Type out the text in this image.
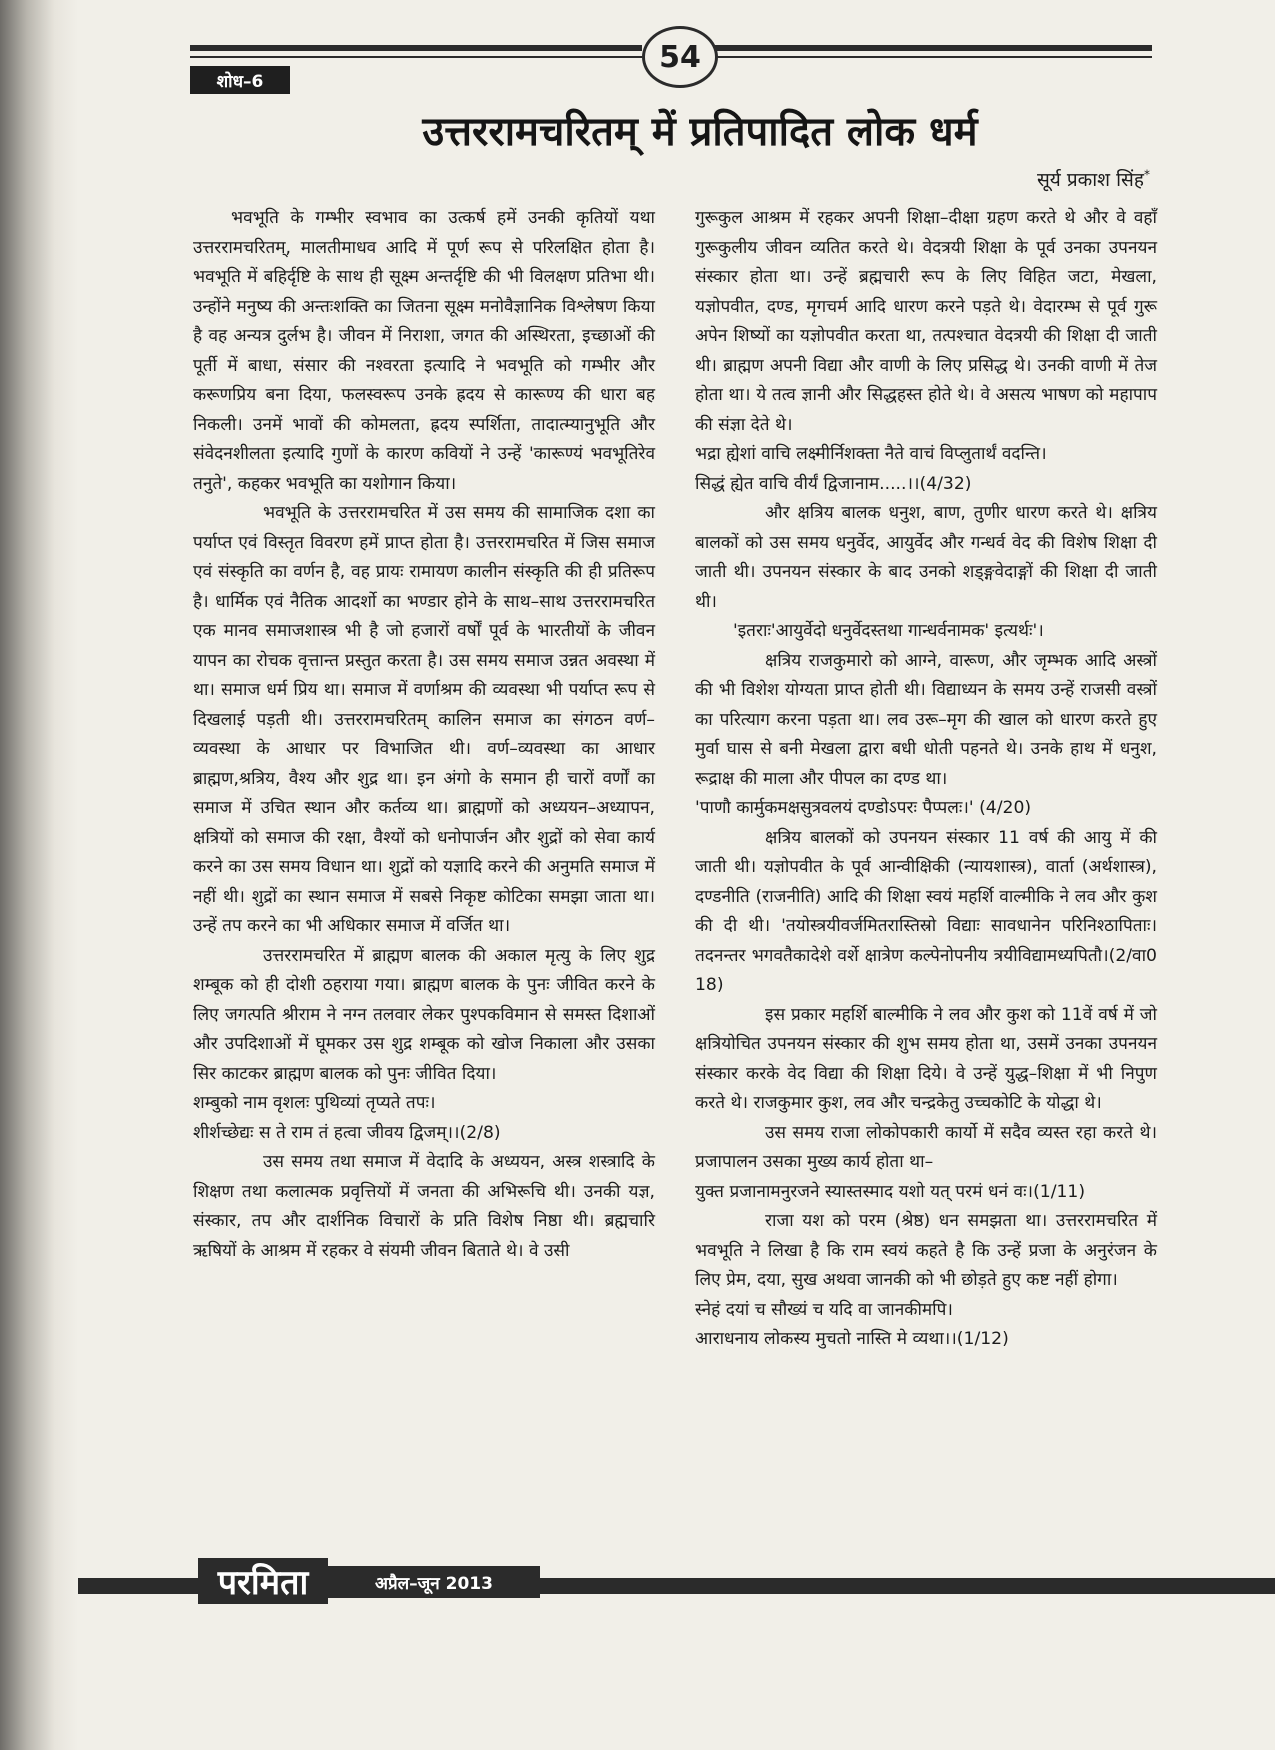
54
शोध–6
उत्तररामचरितम् में प्रतिपादित लोक धर्म
सूर्य प्रकाश सिंह*

भवभूति के गम्भीर स्वभाव का उत्कर्ष हमें उनकी कृतियों यथा उत्तररामचरितम्, मालतीमाधव आदि में पूर्ण रूप से परिलक्षित होता है। भवभूति में बहिर्दृष्टि के साथ ही सूक्ष्म अन्तर्दृष्टि की भी विलक्षण प्रतिभा थी। उन्होंने मनुष्य की अन्तःशक्ति का जितना सूक्ष्म मनोवैज्ञानिक विश्लेषण किया है वह अन्यत्र दुर्लभ है। जीवन में निराशा, जगत की अस्थिरता, इच्छाओं की पूर्ती में बाधा, संसार की नश्वरता इत्यादि ने भवभूति को गम्भीर और करूणप्रिय बना दिया, फलस्वरूप उनके ह्रदय से कारूण्य की धारा बह निकली। उनमें भावों की कोमलता, ह्रदय स्पर्शिता, तादात्म्यानुभूति और संवेदनशीलता इत्यादि गुणों के कारण कवियों ने उन्हें 'कारूण्यं भवभूतिरेव तनुते', कहकर भवभूति का यशोगान किया।

भवभूति के उत्तररामचरित में उस समय की सामाजिक दशा का पर्याप्त एवं विस्तृत विवरण हमें प्राप्त होता है। उत्तररामचरित में जिस समाज एवं संस्कृति का वर्णन है, वह प्रायः रामायण कालीन संस्कृति की ही प्रतिरूप है। धार्मिक एवं नैतिक आदर्शो का भण्डार होने के साथ–साथ उत्तररामचरित एक मानव समाजशास्त्र भी है जो हजारों वर्षों पूर्व के भारतीयों के जीवन यापन का रोचक वृत्तान्त प्रस्तुत करता है। उस समय समाज उन्नत अवस्था में था। समाज धर्म प्रिय था। समाज में वर्णाश्रम की व्यवस्था भी पर्याप्त रूप से दिखलाई पड़ती थी। उत्तररामचरितम् कालिन समाज का संगठन वर्ण–व्यवस्था के आधार पर विभाजित थी। वर्ण–व्यवस्था का आधार ब्राह्मण,श्रत्रिय, वैश्य और शुद्र था। इन अंगो के समान ही चारों वर्णों का समाज में उचित स्थान और कर्तव्य था। ब्राह्मणों को अध्ययन–अध्यापन, क्षत्रियों को समाज की रक्षा, वैश्यों को धनोपार्जन और शुद्रों को सेवा कार्य करने का उस समय विधान था। शुद्रों को यज्ञादि करने की अनुमति समाज में नहीं थी। शुद्रों का स्थान समाज में सबसे निकृष्ट कोटिका समझा जाता था। उन्हें तप करने का भी अधिकार समाज में वर्जित था।

उत्तररामचरित में ब्राह्मण बालक की अकाल मृत्यु के लिए शुद्र शम्बूक को ही दोशी ठहराया गया। ब्राह्मण बालक के पुनः जीवित करने के लिए जगत्पति श्रीराम ने नग्न तलवार लेकर पुश्पकविमान से समस्त दिशाओं और उपदिशाओं में घूमकर उस शुद्र शम्बूक को खोज निकाला और उसका सिर काटकर ब्राह्मण बालक को पुनः जीवित दिया।

शम्बुको नाम वृशलः पुथिव्यां तृप्यते तपः।

शीर्शच्छेद्यः स ते राम तं हत्वा जीवय द्विजम्।।(2/8)

उस समय तथा समाज में वेदादि के अध्ययन, अस्त्र शस्त्रादि के शिक्षण तथा कलात्मक प्रवृत्तियों में जनता की अभिरूचि थी। उनकी यज्ञ, संस्कार, तप और दार्शनिक विचारों के प्रति विशेष निष्ठा थी। ब्रह्मचारि ऋषियों के आश्रम में रहकर वे संयमी जीवन बिताते थे। वे उसी

गुरूकुल आश्रम में रहकर अपनी शिक्षा–दीक्षा ग्रहण करते थे और वे वहाँ गुरूकुलीय जीवन व्यतित करते थे। वेदत्रयी शिक्षा के पूर्व उनका उपनयन संस्कार होता था। उन्हें ब्रह्मचारी रूप के लिए विहित जटा, मेखला, यज्ञोपवीत, दण्ड, मृगचर्म आदि धारण करने पड़ते थे। वेदारम्भ से पूर्व गुरू अपेन शिष्यों का यज्ञोपवीत करता था, तत्पश्चात वेदत्रयी की शिक्षा दी जाती थी। ब्राह्मण अपनी विद्या और वाणी के लिए प्रसिद्ध थे। उनकी वाणी में तेज होता था। ये तत्व ज्ञानी और सिद्धहस्त होते थे। वे असत्य भाषण को महापाप की संज्ञा देते थे।

भद्रा ह्येशां वाचि लक्ष्मीर्निशक्ता नैते वाचं विप्लुतार्थं वदन्ति।

सिद्धं ह्येत वाचि वीर्यं द्विजानाम.....।।(4/32)

और क्षत्रिय बालक धनुश, बाण, तुणीर धारण करते थे। क्षत्रिय बालकों को उस समय धनुर्वेद, आयुर्वेद और गन्धर्व वेद की विशेष शिक्षा दी जाती थी। उपनयन संस्कार के बाद उनको शड्ङ्गवेदाङ्गों की शिक्षा दी जाती थी।

'इतराः'आयुर्वेदो धनुर्वेदस्तथा गान्धर्वनामक' इत्यर्थः'।

क्षत्रिय राजकुमारो को आग्ने, वारूण, और जृम्भक आदि अस्त्रों की भी विशेश योग्यता प्राप्त होती थी। विद्याध्यन के समय उन्हें राजसी वस्त्रों का परित्याग करना पड़ता था। लव उरू–मृग की खाल को धारण करते हुए मुर्वा घास से बनी मेखला द्वारा बधी धोती पहनते थे। उनके हाथ में धनुश, रूद्राक्ष की माला और पीपल का दण्ड था।

'पाणौ कार्मुकमक्षसुत्रवलयं दण्डोऽपरः पैप्पलः।' (4/20)

क्षत्रिय बालकों को उपनयन संस्कार 11 वर्ष की आयु में की जाती थी। यज्ञोपवीत के पूर्व आन्वीक्षिकी (न्यायशास्त्र), वार्ता (अर्थशास्त्र), दण्डनीति (राजनीति) आदि की शिक्षा स्वयं महर्शि वाल्मीकि ने लव और कुश की दी थी। 'तयोस्त्रयीवर्जमितरास्तिस्रो विद्याः सावधानेन परिनिश्ठापिताः। तदनन्तर भगवतैकादेशे वर्शे क्षात्रेण कल्पेनोपनीय त्रयीविद्यामध्यपितौ।(2/वा0 18)

इस प्रकार महर्शि बाल्मीकि ने लव और कुश को 11वें वर्ष में जो क्षत्रियोचित उपनयन संस्कार की शुभ समय होता था, उसमें उनका उपनयन संस्कार करके वेद विद्या की शिक्षा दिये। वे उन्हें युद्ध–शिक्षा में भी निपुण करते थे। राजकुमार कुश, लव और चन्द्रकेतु उच्चकोटि के योद्धा थे।

उस समय राजा लोकोपकारी कार्यो में सदैव व्यस्त रहा करते थे। प्रजापालन उसका मुख्य कार्य होता था–

युक्त प्रजानामनुरजने स्यास्तस्माद यशो यत् परमं धनं वः।(1/11)

राजा यश को परम (श्रेष्ठ) धन समझता था। उत्तररामचरित में भवभूति ने लिखा है कि राम स्वयं कहते है कि उन्हें प्रजा के अनुरंजन के लिए प्रेम, दया, सुख अथवा जानकी को भी छोड़ते हुए कष्ट नहीं होगा।

स्नेहं दयां च सौख्यं च यदि वा जानकीमपि।

आराधनाय लोकस्य मुचतो नास्ति मे व्यथा।।(1/12)

परमिता	अप्रैल–जून 2013
